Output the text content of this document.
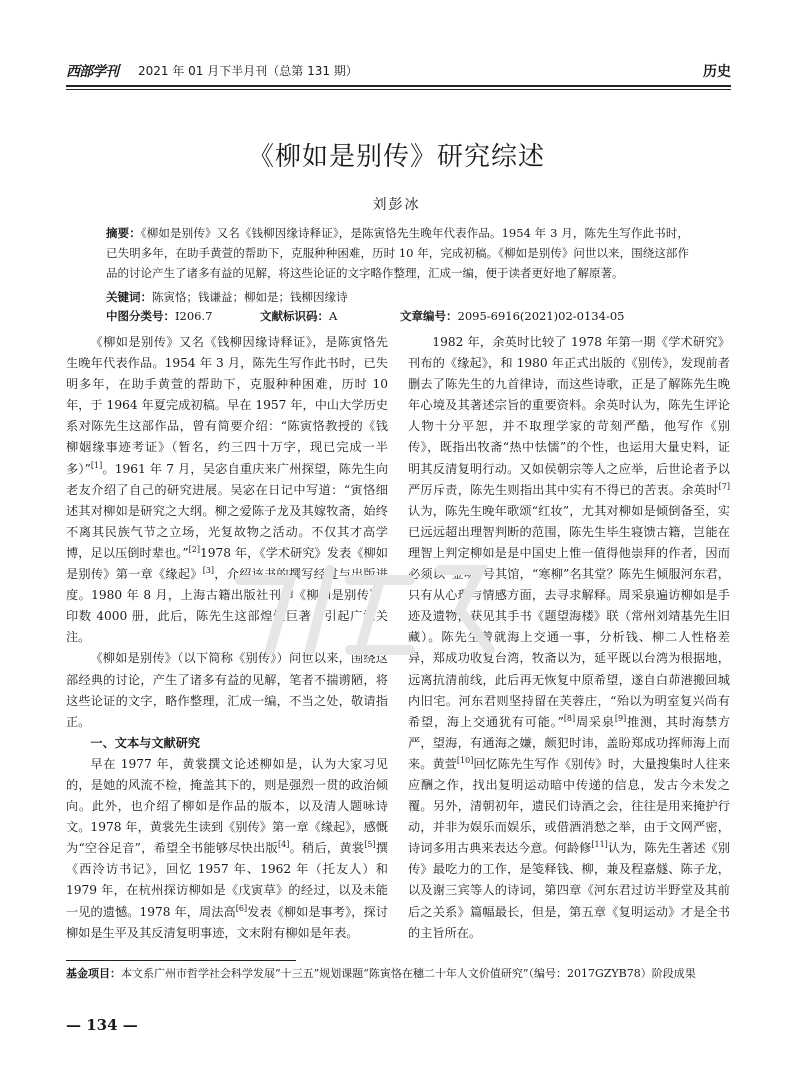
西部学刊 2021 年 01 月下半月刊（总第 131 期）	历史
《柳如是别传》研究综述
刘彭冰
摘要：《柳如是别传》又名《钱柳因缘诗释证》，是陈寅恪先生晚年代表作品。1954 年 3 月，陈先生写作此书时，已失明多年，在助手黄萱的帮助下，克服种种困难，历时 10 年，完成初稿。《柳如是别传》问世以来，围绕这部作品的讨论产生了诸多有益的见解，将这些论证的文字略作整理，汇成一编，便于读者更好地了解原著。
关键词：陈寅恪；钱谦益；柳如是；钱柳因缘诗
中图分类号：I206.7	文献标识码：A	文章编号：2095-6916(2021)02-0134-05

《柳如是别传》又名《钱柳因缘诗释证》，是陈寅恪先生晚年代表作品。1954 年 3 月，陈先生写作此书时，已失明多年，在助手黄萱的帮助下，克服种种困难，历时 10 年，于 1964 年夏完成初稿。早在 1957 年，中山大学历史系对陈先生这部作品，曾有简要介绍：“陈寅恪教授的《钱柳姻缘事迹考证》（暂名，约三四十万字，现已完成一半多）”[1]。1961 年 7 月，吴宓自重庆来广州探望，陈先生向老友介绍了自己的研究进展。吴宓在日记中写道：“寅恪细述其对柳如是研究之大纲。柳之爱陈子龙及其嫁牧斋，始终不离其民族气节之立场，光复故物之活动。不仅其才高学博，足以压倒时辈也。”[2]1978 年，《学术研究》发表《柳如是别传》第一章《缘起》[3]，介绍该书的撰写经过与出版进度。1980 年 8 月，上海古籍出版社刊印《柳如是别传》，印数 4000 册，此后，陈先生这部煌煌巨著，引起广泛关注。

《柳如是别传》（以下简称《别传》）问世以来，围绕这部经典的讨论，产生了诸多有益的见解，笔者不揣谫陋，将这些论证的文字，略作整理，汇成一编，不当之处，敬请指正。

一、文本与文献研究

早在 1977 年，黄裳撰文论述柳如是，认为大家习见的，是她的风流不检，掩盖其下的，则是强烈一贯的政治倾向。此外，也介绍了柳如是作品的版本，以及清人题咏诗文。1978 年，黄裳先生读到《别传》第一章《缘起》，感慨为“空谷足音”，希望全书能够尽快出版[4]。稍后，黄裳[5]撰《西泠访书记》，回忆 1957 年、1962 年（托友人）和 1979 年，在杭州探访柳如是《戊寅草》的经过，以及未能一见的遗憾。1978 年，周法高[6]发表《柳如是事考》，探讨柳如是生平及其反清复明事迹，文末附有柳如是年表。

1982 年，余英时比较了 1978 年第一期《学术研究》刊布的《缘起》，和 1980 年正式出版的《别传》，发现前者删去了陈先生的九首律诗，而这些诗歌，正是了解陈先生晚年心境及其著述宗旨的重要资料。余英时认为，陈先生评论人物十分平恕，并不取理学家的苛刻严酷，他写作《别传》，既指出牧斋“热中怯懦”的个性，也运用大量史料，证明其反清复明行动。又如侯朝宗等人之应举，后世论者予以严厉斥责，陈先生则指出其中实有不得已的苦衷。余英时[7]认为，陈先生晚年歌颂“红妆”，尤其对柳如是倾倒备至，实已远远超出理智判断的范围，陈先生毕生寝馈古籍，岂能在理智上判定柳如是是中国史上惟一值得他崇拜的作者，因而必须以“金明”号其馆，“寒柳”名其堂？陈先生倾服河东君，只有从心理与情感方面，去寻求解释。周采泉遍访柳如是手迹及遗物，获见其手书《题望海楼》联（常州刘靖基先生旧藏）。陈先生曾就海上交通一事，分析钱、柳二人性格差异，郑成功收复台湾，牧斋以为，延平既以台湾为根据地，远离抗清前线，此后再无恢复中原希望，遂自白茆港搬回城内旧宅。河东君则坚持留在芙蓉庄，“殆以为明室复兴尚有希望，海上交通犹有可能。”[8]周采泉[9]推测，其时海禁方严，望海，有通海之嫌，颇犯时讳，盖盼郑成功挥师海上而来。黄萱[10]回忆陈先生写作《别传》时，大量搜集时人往来应酬之作，找出复明运动暗中传递的信息，发古今未发之覆。另外，清朝初年，遗民们诗酒之会，往往是用来掩护行动，并非为娱乐而娱乐，或借酒消愁之举，由于文网严密，诗词多用古典来表达今意。何龄修[11]认为，陈先生著述《别传》最吃力的工作，是笺释钱、柳，兼及程嘉燧、陈子龙，以及谢三宾等人的诗词，第四章《河东君过访半野堂及其前后之关系》篇幅最长，但是，第五章《复明运动》才是全书的主旨所在。

基金项目：本文系广州市哲学社会科学发展“十三五”规划课题“陈寅恪在穗二十年人文价值研究”（编号：2017GZYB78）阶段成果
— 134 —
